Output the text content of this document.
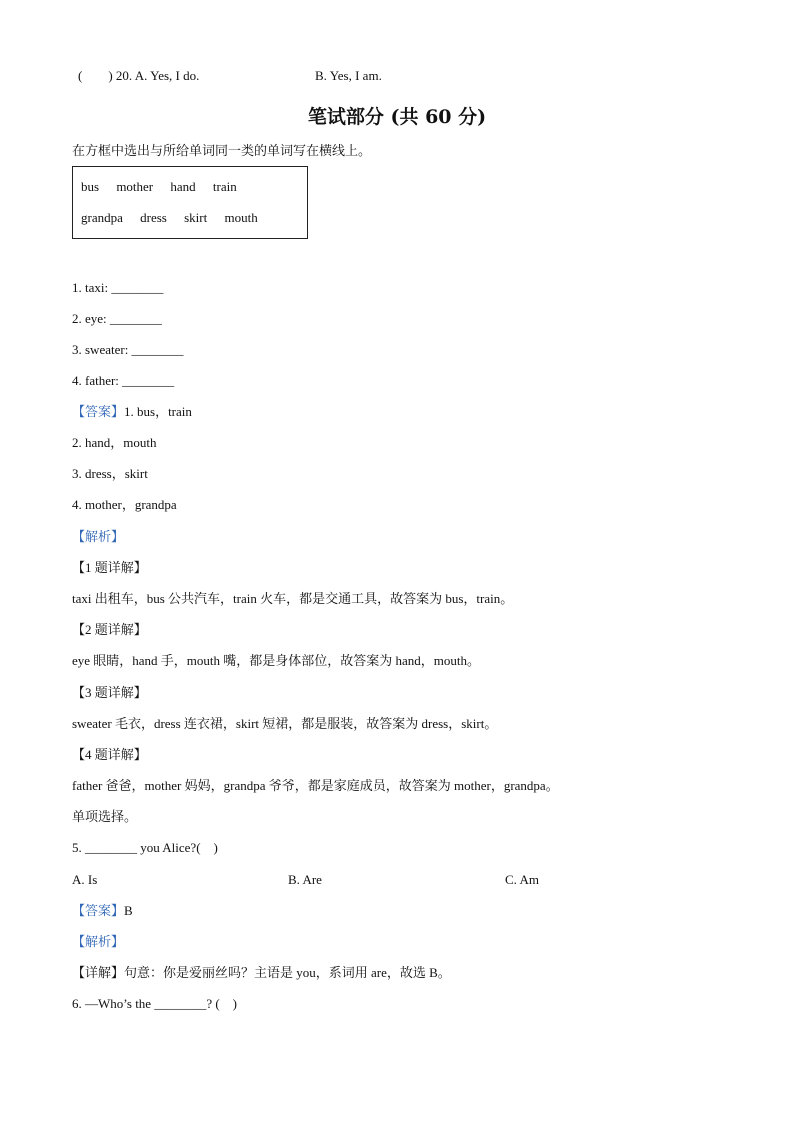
(　　) 20. A. Yes, I do.	B. Yes, I am.
笔试部分 (共 60 分)
在方框中选出与所给单词同一类的单词写在横线上。
bus mother hand train
grandpa dress skirt mouth
1. taxi: ________
2. eye: ________
3. sweater: ________
4. father: ________
【答案】1. bus，train
2. hand，mouth
3. dress，skirt
4. mother，grandpa
【解析】
【1 题详解】
taxi 出租车，bus 公共汽车，train 火车，都是交通工具，故答案为 bus，train。
【2 题详解】
eye 眼睛，hand 手，mouth 嘴，都是身体部位，故答案为 hand，mouth。
【3 题详解】
sweater 毛衣，dress 连衣裙，skirt 短裙，都是服装，故答案为 dress，skirt。
【4 题详解】
father 爸爸，mother 妈妈，grandpa 爷爷，都是家庭成员，故答案为 mother，grandpa。
单项选择。
5. ________ you Alice?(　)
A. Is	B. Are	C. Am
【答案】B
【解析】
【详解】句意：你是爱丽丝吗？主语是 you，系词用 are，故选 B。
6. —Who’s the ________? (　)
